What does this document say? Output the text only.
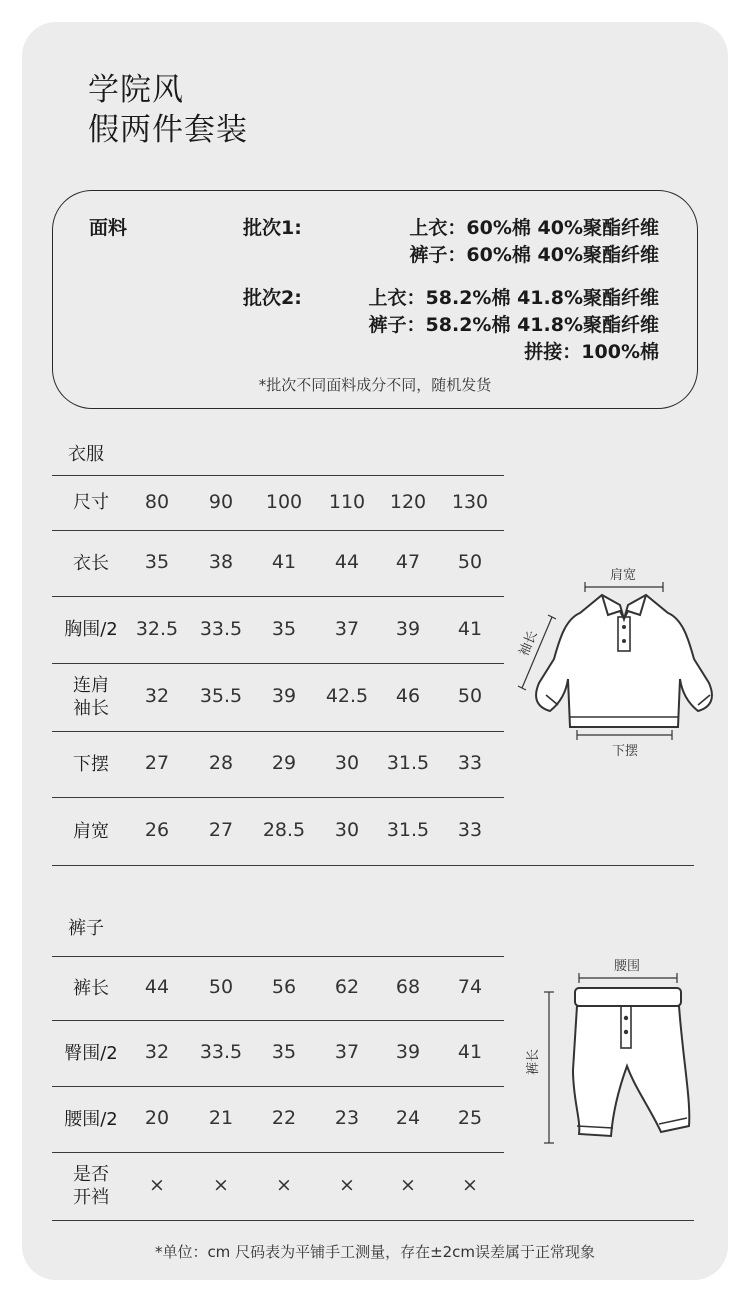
学院风
假两件套装
面料	批次1:	上衣：60%棉 40%聚酯纤维
裤子：60%棉 40%聚酯纤维
批次2:	上衣：58.2%棉 41.8%聚酯纤维
裤子：58.2%棉 41.8%聚酯纤维
拼接：100%棉
*批次不同面料成分不同，随机发货
衣服
尺寸	80	90	100	110	120	130
衣长	35	38	41	44	47	50
胸围/2 32.5	33.5	35	37	39	41
连肩
袖长
32	35.5	39	42.5	46	50
下摆	27	28	29	30	31.5	33
肩宽	26	27	28.5	30	31.5	33
肩宽
袖长
下摆
裤子
裤长	44	50	56	62	68	74
臀围/2	32	33.5	35	37	39	41
腰围/2	20	21	22	23	24	25
是否
开裆
×	×	×	×	×	×
腰围
裤长
*单位：cm 尺码表为平铺手工测量，存在±2cm误差属于正常现象
